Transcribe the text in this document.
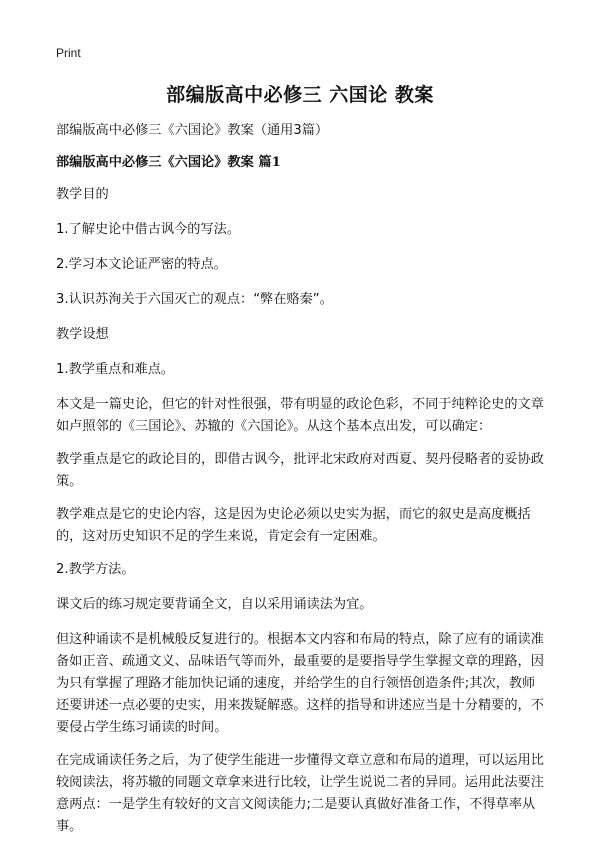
Print
部编版高中必修三 六国论 教案

部编版高中必修三《六国论》教案（通用3篇）

部编版高中必修三《六国论》教案 篇1

教学目的

1.了解史论中借古讽今的写法。

2.学习本文论证严密的特点。

3.认识苏洵关于六国灭亡的观点：“弊在赂秦”。

教学设想

1.教学重点和难点。

本文是一篇史论，但它的针对性很强，带有明显的政论色彩，不同于纯粹论史的文章如卢照邻的《三国论》、苏辙的《六国论》。从这个基本点出发，可以确定：

教学重点是它的政论目的，即借古讽今，批评北宋政府对西夏、契丹侵略者的妥协政策。

教学难点是它的史论内容，这是因为史论必须以史实为据，而它的叙史是高度概括的，这对历史知识不足的学生来说，肯定会有一定困难。

2.教学方法。

课文后的练习规定要背诵全文，自以采用诵读法为宜。

但这种诵读不是机械般反复进行的。根据本文内容和布局的特点，除了应有的诵读准备如正音、疏通文义、品味语气等而外，最重要的是要指导学生掌握文章的理路，因为只有掌握了理路才能加快记诵的速度，并给学生的自行领悟创造条件;其次，教师还要讲述一点必要的史实，用来拨疑解惑。这样的指导和讲述应当是十分精要的，不要侵占学生练习诵读的时间。

在完成诵读任务之后，为了使学生能进一步懂得文章立意和布局的道理，可以运用比较阅读法，将苏辙的同题文章拿来进行比较，让学生说说二者的异同。运用此法要注意两点：一是学生有较好的文言文阅读能力;二是要认真做好准备工作，不得草率从事。
